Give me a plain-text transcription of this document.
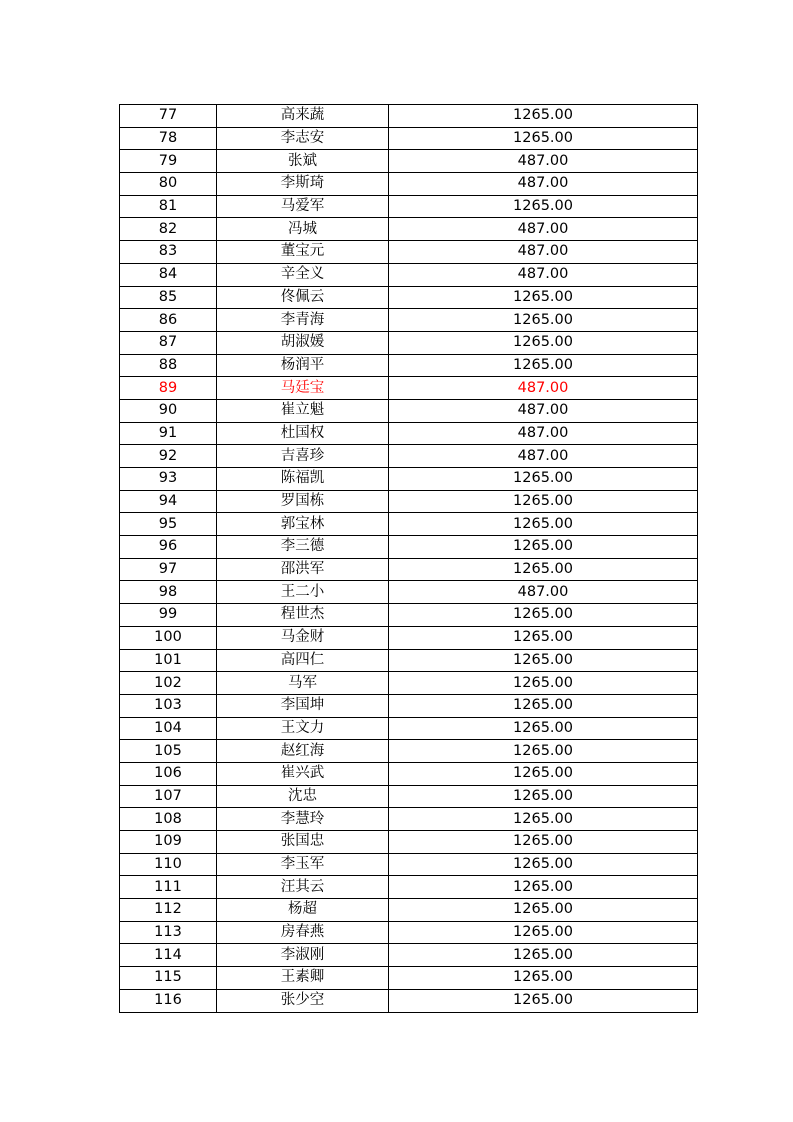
77	高来蔬	1265.00
78	李志安	1265.00
79	张斌	487.00
80	李斯琦	487.00
81	马爱军	1265.00
82	冯城	487.00
83	董宝元	487.00
84	辛全义	487.00
85	佟佩云	1265.00
86	李青海	1265.00
87	胡淑媛	1265.00
88	杨润平	1265.00
89	马廷宝	487.00
90	崔立魁	487.00
91	杜国权	487.00
92	吉喜珍	487.00
93	陈福凯	1265.00
94	罗国栋	1265.00
95	郭宝林	1265.00
96	李三德	1265.00
97	邵洪军	1265.00
98	王二小	487.00
99	程世杰	1265.00
100	马金财	1265.00
101	高四仁	1265.00
102	马军	1265.00
103	李国坤	1265.00
104	王文力	1265.00
105	赵红海	1265.00
106	崔兴武	1265.00
107	沈忠	1265.00
108	李慧玲	1265.00
109	张国忠	1265.00
110	李玉军	1265.00
111	汪其云	1265.00
112	杨超	1265.00
113	房春燕	1265.00
114	李淑刚	1265.00
115	王素卿	1265.00
116	张少空	1265.00
